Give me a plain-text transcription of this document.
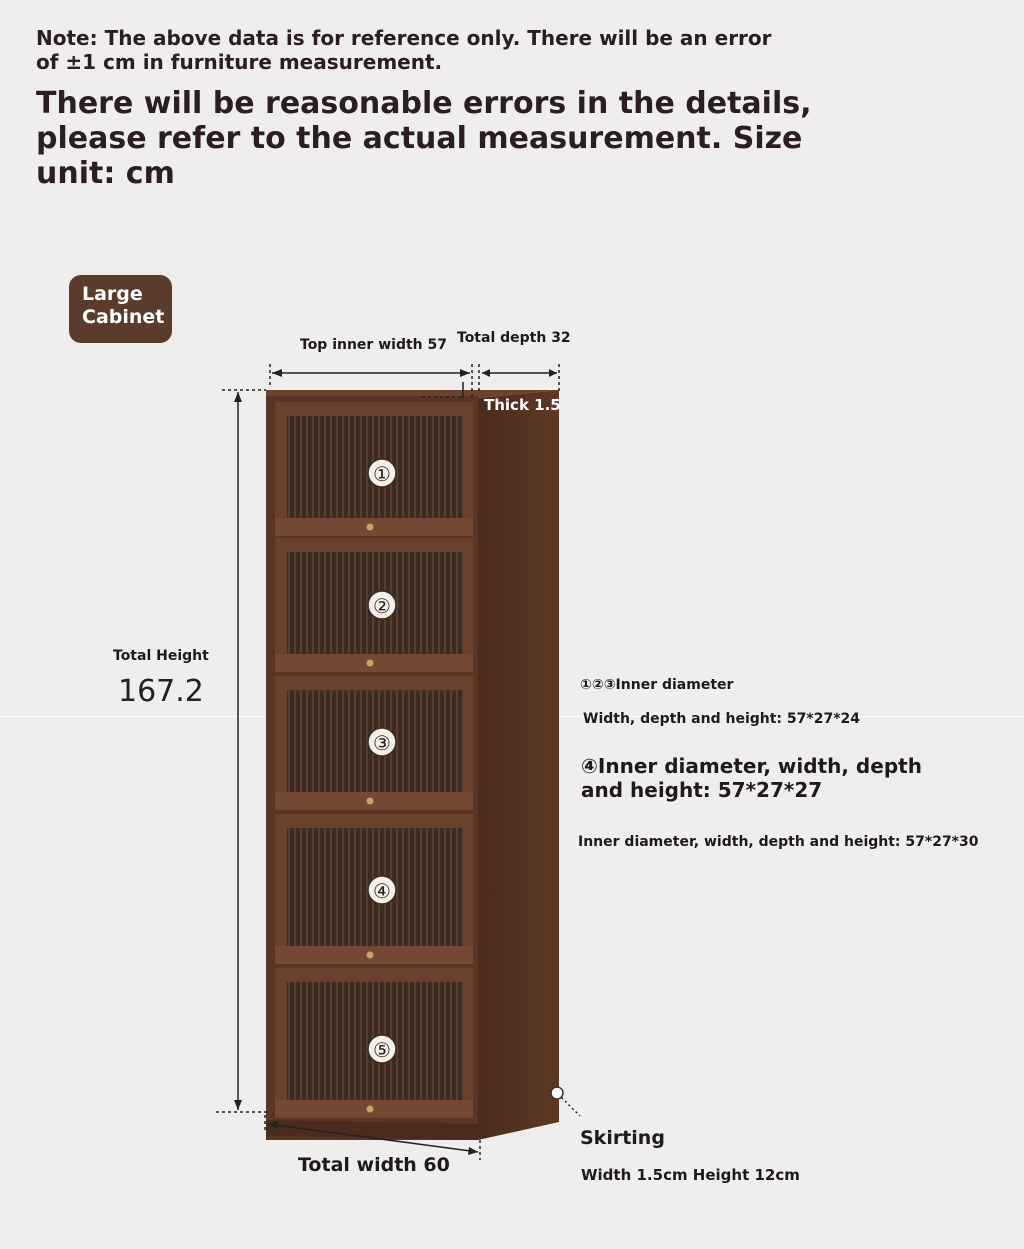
Note: The above data is for reference only. There will be an error of ±1 cm in furniture measurement.
There will be reasonable errors in the details, please refer to the actual measurement. Size unit: cm
Large Cabinet
①
②
③
④
⑤
Top inner width 57 Total depth 32
Thick 1.5
Total Height
167.2
Total width 60
①②③Inner diameter
Width, depth and height: 57*27*24
④Inner diameter, width, depth and height: 57*27*27
Inner diameter, width, depth and height: 57*27*30
Skirting
Width 1.5cm Height 12cm
